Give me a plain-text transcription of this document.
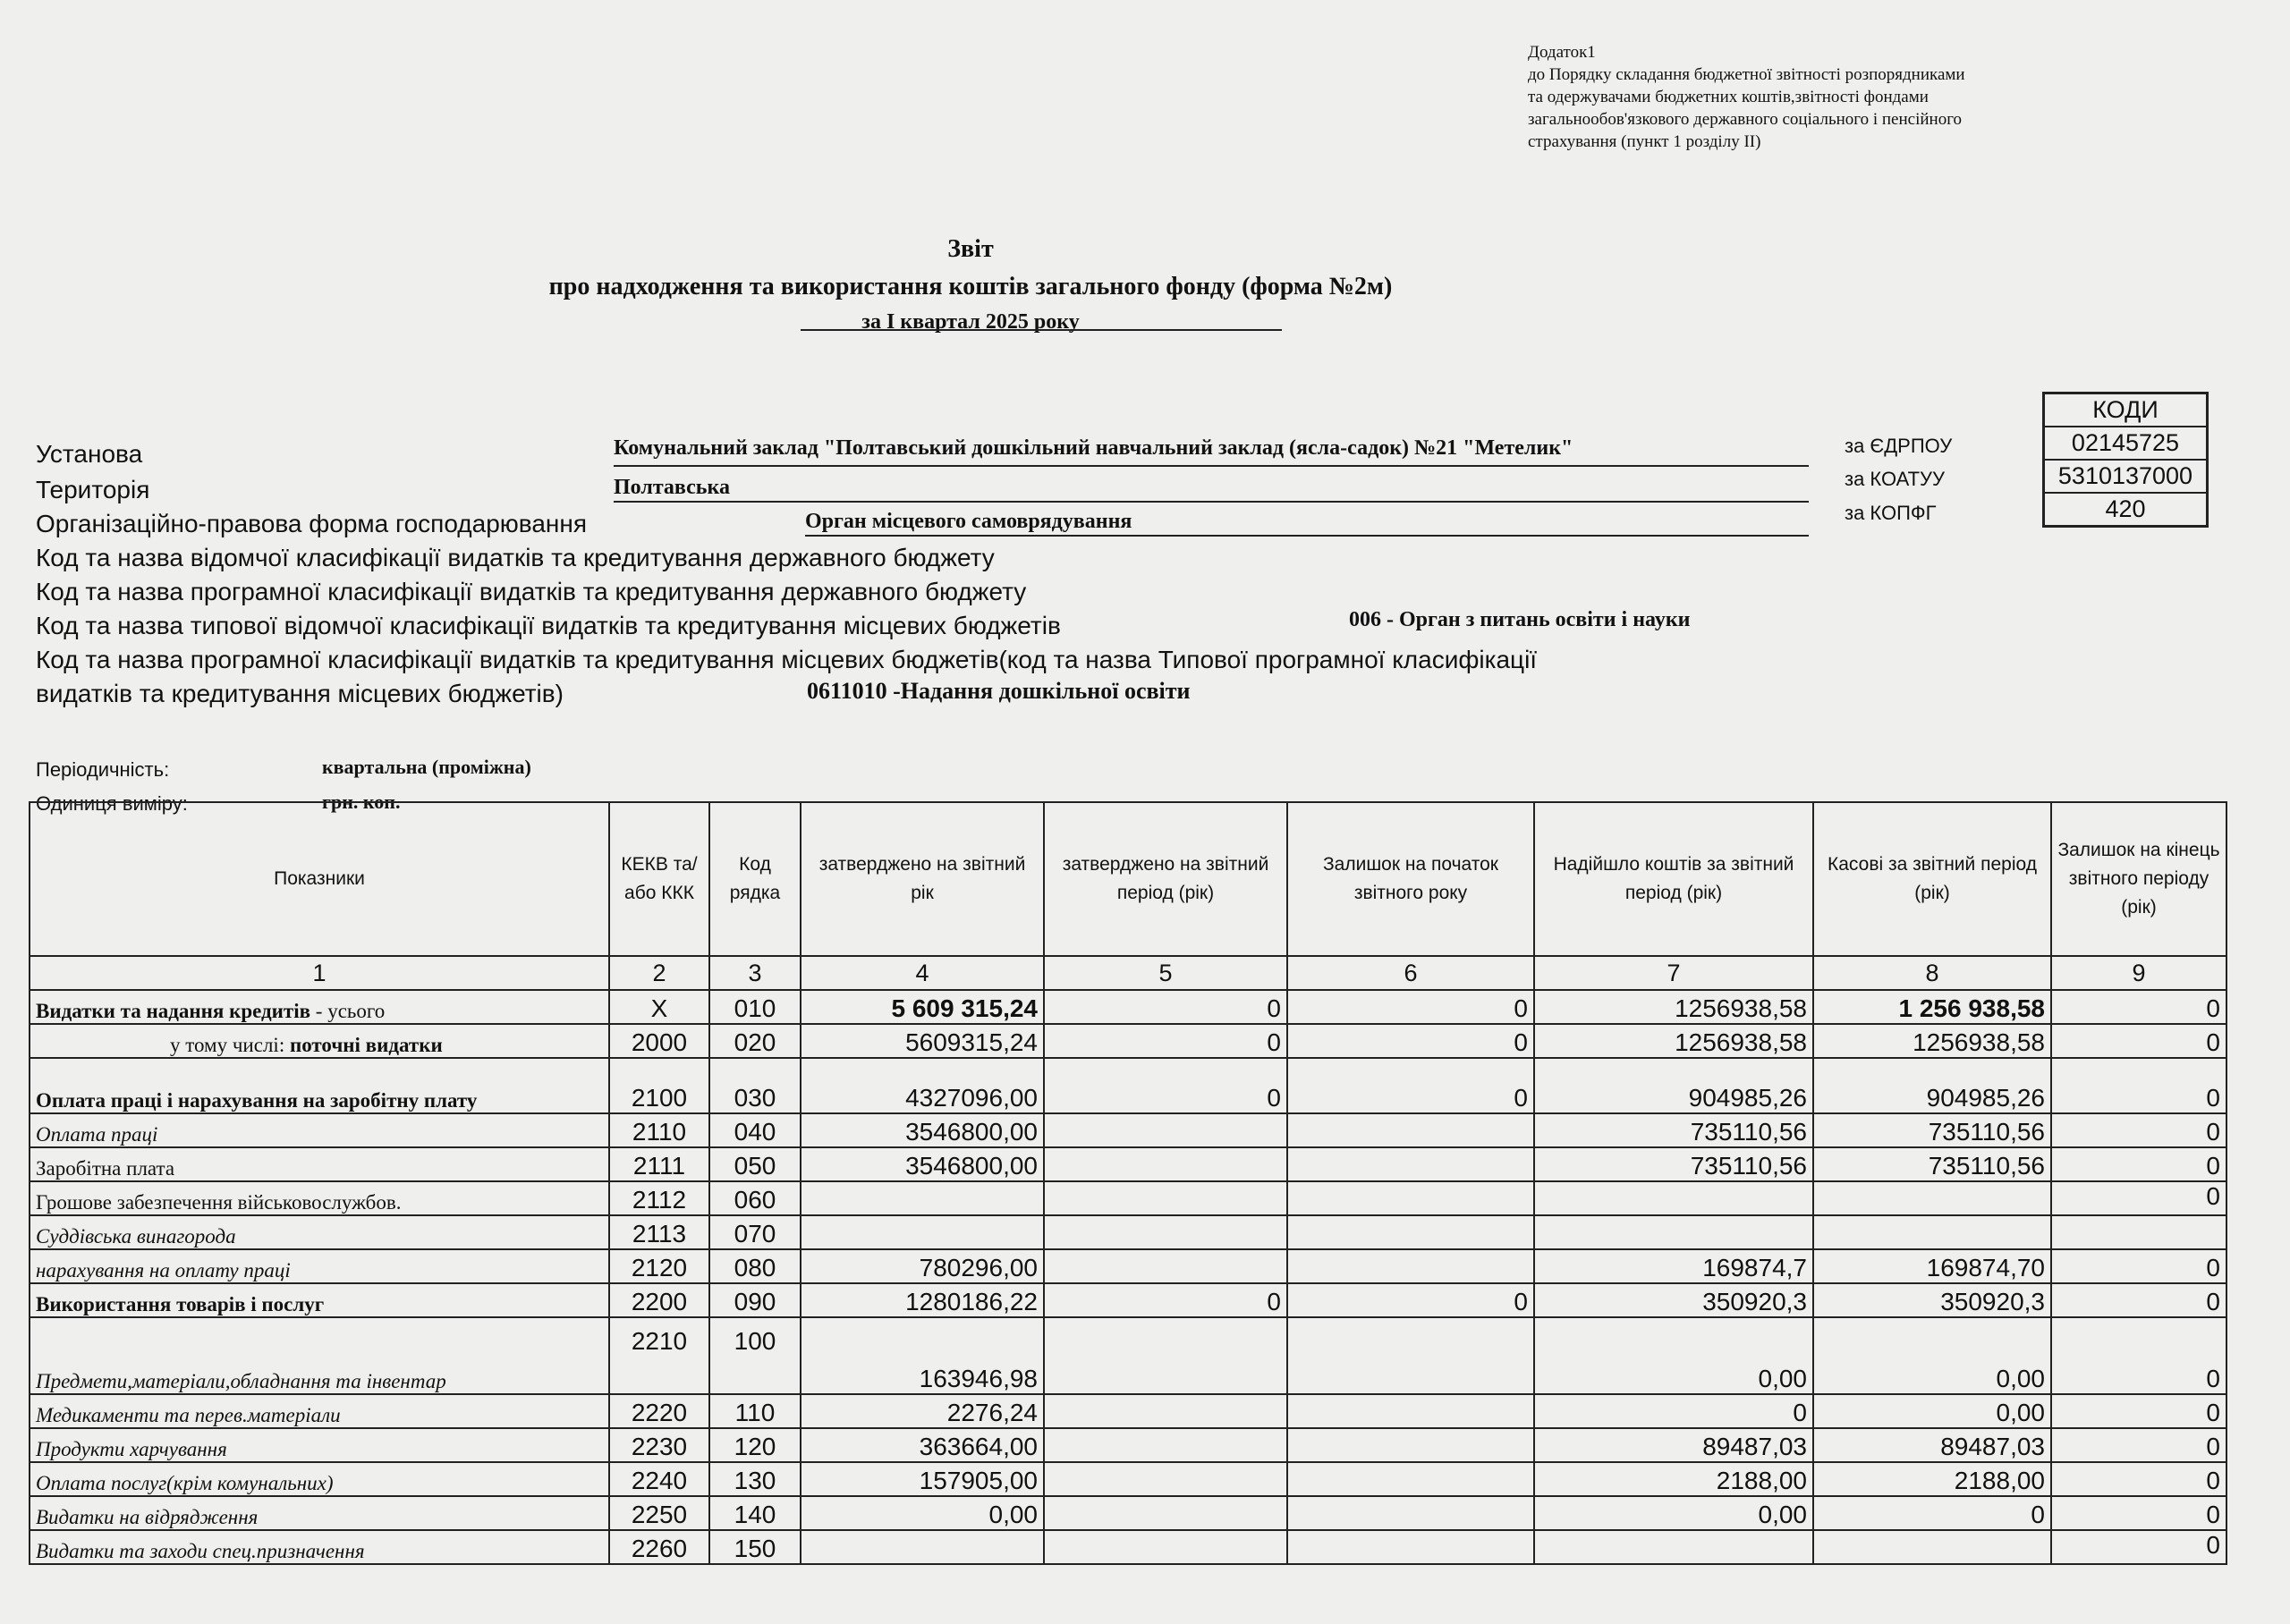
Додаток1
до Порядку складання бюджетної звітності розпорядниками
та одержувачами бюджетних коштів,звітності фондами
загальнообов'язкового державного соціального і пенсійного
страхування (пункт 1 розділу II)
Звіт
про надходження та використання коштів загального фонду (форма №2м)
за I квартал 2025 року
КОДИ
02145725
5310137000
420
за ЄДРПОУ
за КОАТУУ
за КОПФГ
Установа	Комунальний заклад "Полтавський дошкільний навчальний заклад (ясла-садок) №21 "Метелик"
Територія	Полтавська
Організаційно-правова форма господарювання	Орган місцевого самоврядування
Код та назва відомчої класифікації видатків та кредитування державного бюджету
Код та назва програмної класифікації видатків та кредитування державного бюджету
Код та назва типової відомчої класифікації видатків та кредитування місцевих бюджетів	006 - Орган з питань освіти і науки
Код та назва програмної класифікації видатків та кредитування місцевих бюджетів(код та назва Типової програмної класифікації
видатків та кредитування місцевих бюджетів)	0611010 -Надання дошкільної освіти
Періодичність:	квартальна (проміжна)
Одиниця виміру:	грн. коп.
Показники	КЕКВ та/або ККК	Код рядка	затверджено на звітний рік	затверджено на звітний період (рік)	Залишок на початок звітного року	Надійшло коштів за звітний період (рік)	Касові за звітний період (рік)	Залишок на кінець звітного періоду (рік)
1	2	3	4	5	6	7	8	9
Видатки та надання кредитів - усього	X	010	5 609 315,24	0	0	1256938,58	1 256 938,58	0
у тому числі: поточні видатки	2000	020	5609315,24	0	0	1256938,58	1256938,58	0
Оплата праці і нарахування на заробітну плату	2100	030	4327096,00	0	0	904985,26	904985,26	0
Оплата праці	2110	040	3546800,00			735110,56	735110,56	0
Заробітна плата	2111	050	3546800,00			735110,56	735110,56	0
Грошове забезпечення військовослужбов.	2112	060						0
Суддівська винагорода	2113	070						
нарахування на оплату праці	2120	080	780296,00			169874,7	169874,70	0
Використання товарів і послуг	2200	090	1280186,22	0	0	350920,3	350920,3	0
Предмети,матеріали,обладнання та інвентар	2210	100	163946,98			0,00	0,00	0
Медикаменти та перев.матеріали	2220	110	2276,24			0	0,00	0
Продукти харчування	2230	120	363664,00			89487,03	89487,03	0
Оплата послуг(крім комунальних)	2240	130	157905,00			2188,00	2188,00	0
Видатки на відрядження	2250	140	0,00			0,00	0	0
Видатки та заходи спец.призначення	2260	150						0
